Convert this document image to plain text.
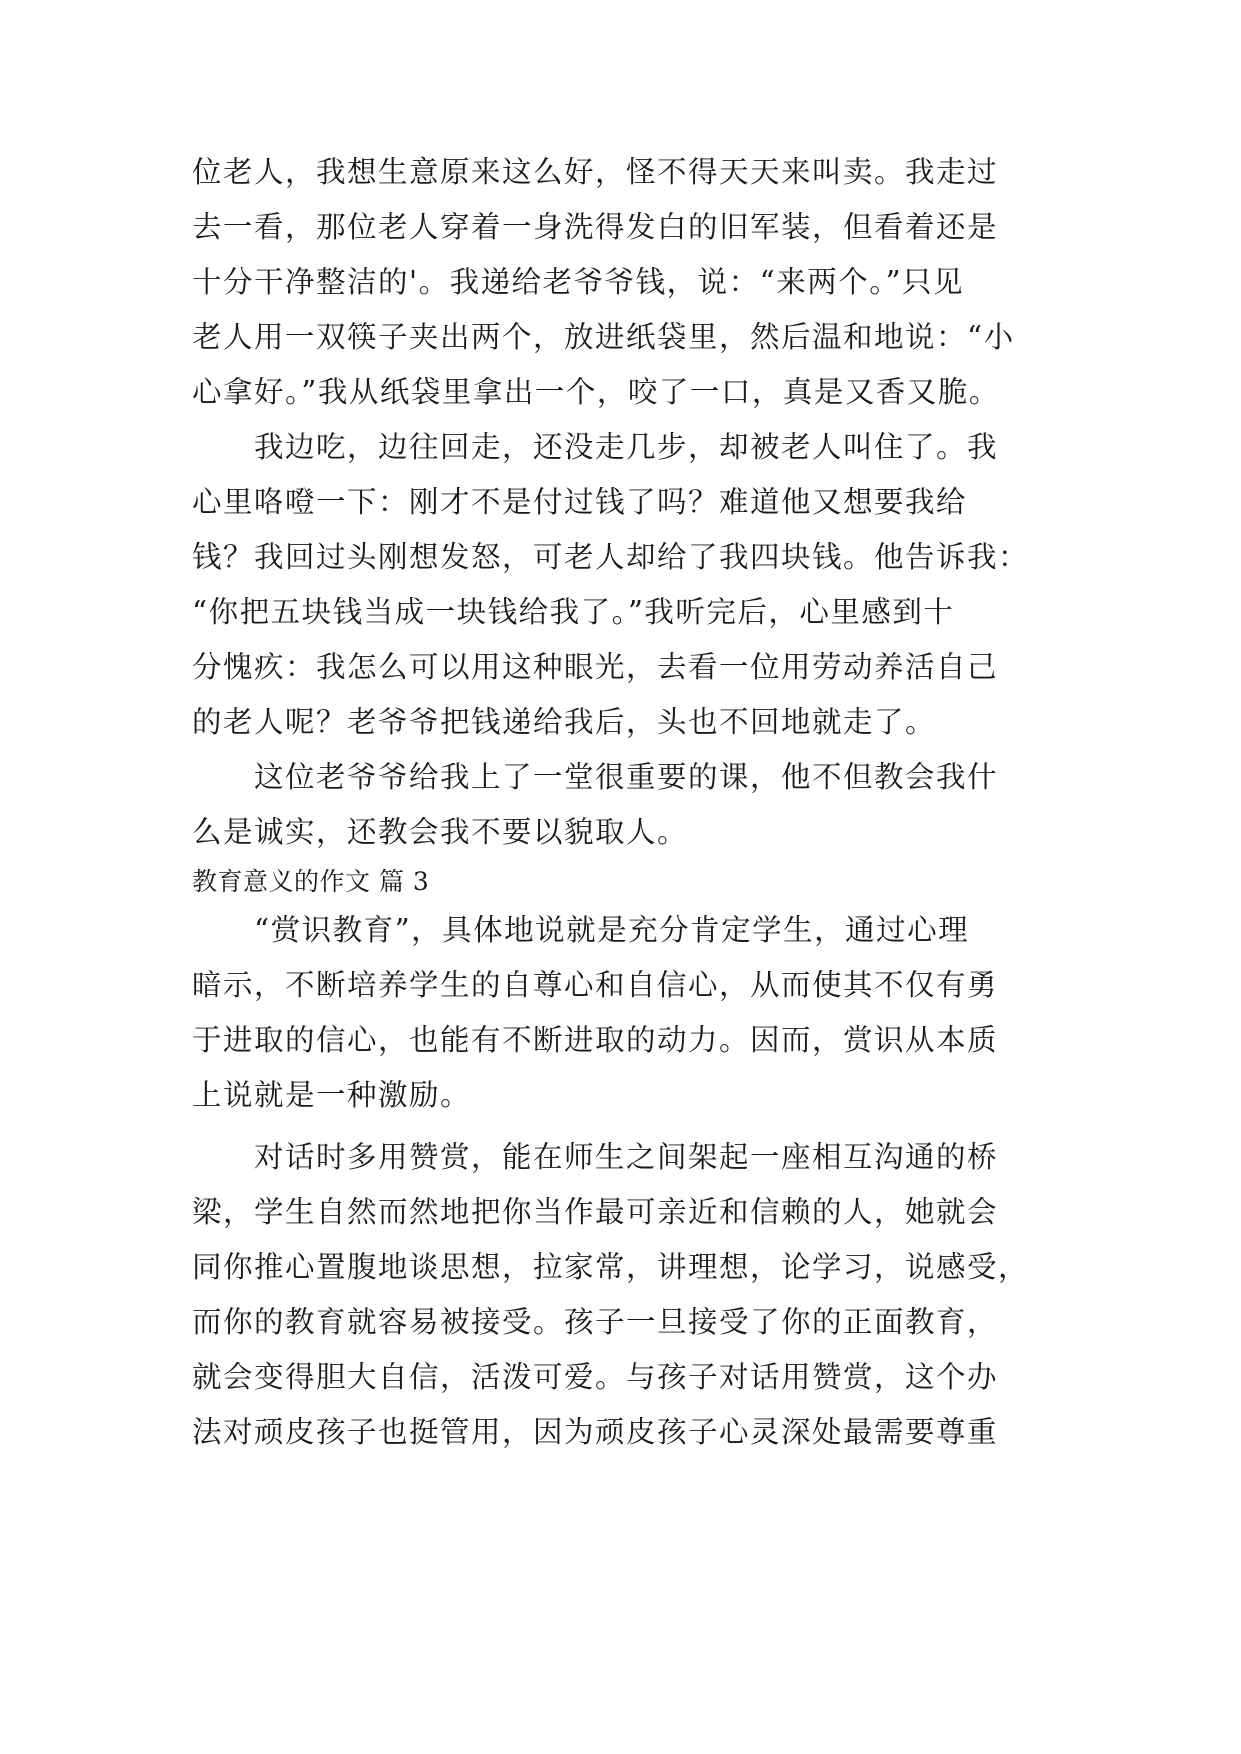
位老人，我想生意原来这么好，怪不得天天来叫卖。我走过
去一看，那位老人穿着一身洗得发白的旧军装，但看着还是
十分干净整洁的'。我递给老爷爷钱，说：“来两个。”只见
老人用一双筷子夹出两个，放进纸袋里，然后温和地说：“小
心拿好。”我从纸袋里拿出一个，咬了一口，真是又香又脆。
　　我边吃，边往回走，还没走几步，却被老人叫住了。我
心里咯噔一下：刚才不是付过钱了吗？难道他又想要我给
钱？我回过头刚想发怒，可老人却给了我四块钱。他告诉我：
“你把五块钱当成一块钱给我了。”我听完后，心里感到十
分愧疚：我怎么可以用这种眼光，去看一位用劳动养活自己
的老人呢？老爷爷把钱递给我后，头也不回地就走了。
　　这位老爷爷给我上了一堂很重要的课，他不但教会我什
么是诚实，还教会我不要以貌取人。
教育意义的作文 篇 3
　　“赏识教育”，具体地说就是充分肯定学生，通过心理
暗示，不断培养学生的自尊心和自信心，从而使其不仅有勇
于进取的信心，也能有不断进取的动力。因而，赏识从本质
上说就是一种激励。
　　对话时多用赞赏，能在师生之间架起一座相互沟通的桥
梁，学生自然而然地把你当作最可亲近和信赖的人，她就会
同你推心置腹地谈思想，拉家常，讲理想，论学习，说感受，
而你的教育就容易被接受。孩子一旦接受了你的正面教育，
就会变得胆大自信，活泼可爱。与孩子对话用赞赏，这个办
法对顽皮孩子也挺管用，因为顽皮孩子心灵深处最需要尊重
